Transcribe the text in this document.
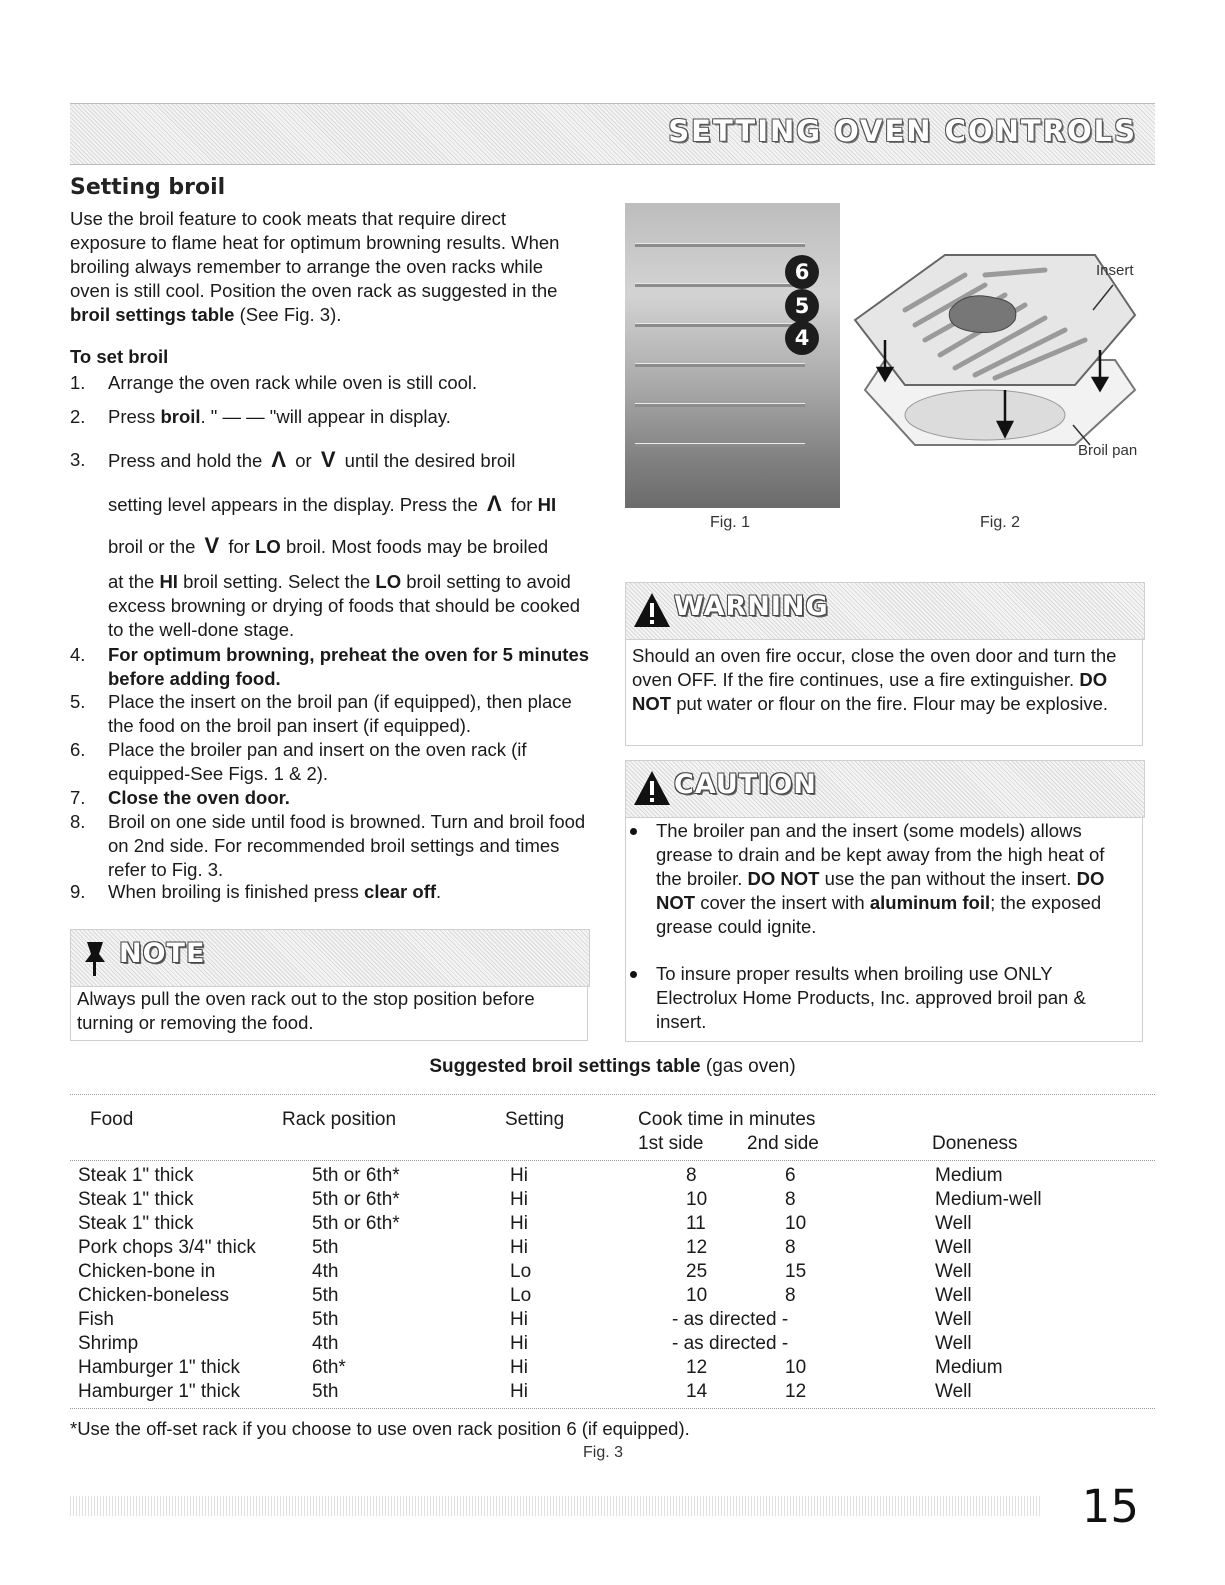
SETTING OVEN CONTROLS
Setting broil
Use the broil feature to cook meats that require direct exposure to flame heat for optimum browning results. When broiling always remember to arrange the oven racks while oven is still cool. Position the oven rack as suggested in the broil settings table (See Fig. 3).
To set broil
1. Arrange the oven rack while oven is still cool.
2. Press broil. " — — "will appear in display.
3. Press and hold the Λ or V until the desired broil
setting level appears in the display. Press the Λ for HI
broil or the V for LO broil. Most foods may be broiled
at the HI broil setting. Select the LO broil setting to avoid excess browning or drying of foods that should be cooked to the well-done stage.
4. For optimum browning, preheat the oven for 5 minutes before adding food.
5. Place the insert on the broil pan (if equipped), then place the food on the broil pan insert (if equipped).
6. Place the broiler pan and insert on the oven rack (if equipped-See Figs. 1 & 2).
7. Close the oven door.
8. Broil on one side until food is browned. Turn and broil food on 2nd side. For recommended broil settings and times refer to Fig. 3.
9. When broiling is finished press clear off.
NOTE
Always pull the oven rack out to the stop position before turning or removing the food.
6
5
4
Fig. 1
Insert
Broil pan
Fig. 2
WARNING
Should an oven fire occur, close the oven door and turn the oven OFF. If the fire continues, use a fire extinguisher. DO NOT put water or flour on the fire. Flour may be explosive.
CAUTION
The broiler pan and the insert (some models) allows grease to drain and be kept away from the high heat of the broiler. DO NOT use the pan without the insert. DO NOT cover the insert with aluminum foil; the exposed grease could ignite.
To insure proper results when broiling use ONLY Electrolux Home Products, Inc. approved broil pan & insert.
Suggested broil settings table (gas oven)
Food	Rack position	Setting	Cook time in minutes
1st side 2nd side	Doneness
Steak 1" thick	5th or 6th*	Hi	8	6	Medium
Steak 1" thick	5th or 6th*	Hi	10	8	Medium-well
Steak 1" thick	5th or 6th*	Hi	11	10	Well
Pork chops 3/4" thick	5th	Hi	12	8	Well
Chicken-bone in	4th	Lo	25	15	Well
Chicken-boneless	5th	Lo	10	8	Well
Fish	5th	Hi	- as directed -	Well
Shrimp	4th	Hi	- as directed -	Well
Hamburger 1" thick	6th*	Hi	12	10	Medium
Hamburger 1" thick	5th	Hi	14	12	Well
*Use the off-set rack if you choose to use oven rack position 6 (if equipped).
Fig. 3
15
